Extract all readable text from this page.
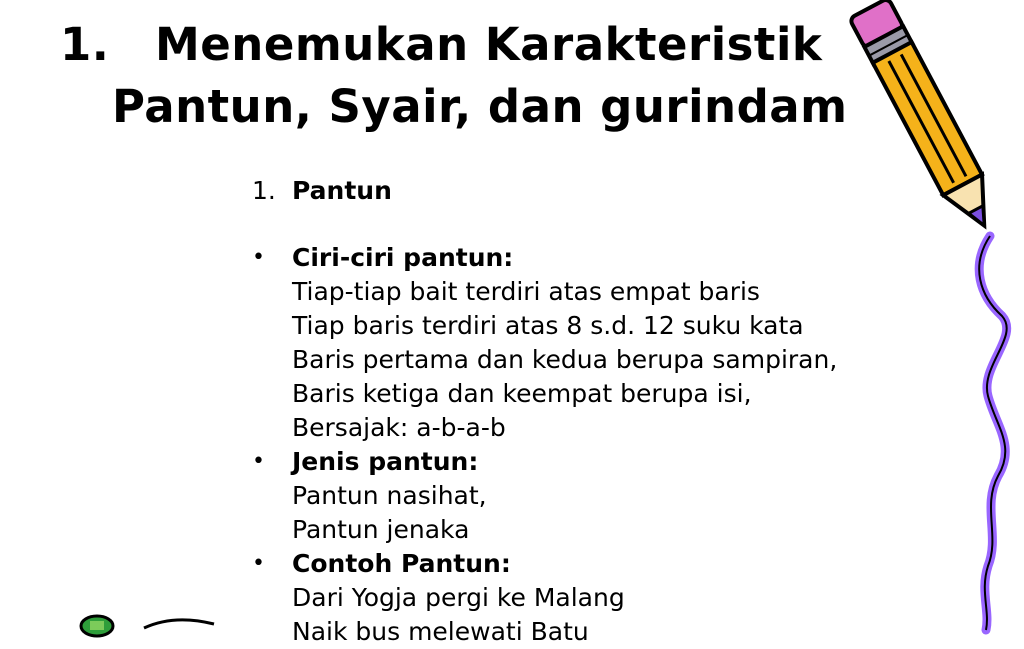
1. Menemukan Karakteristik
Pantun, Syair, dan gurindam
1. Pantun
• Ciri-ciri pantun:
Tiap-tiap bait terdiri atas empat baris
Tiap baris terdiri atas 8 s.d. 12 suku kata
Baris pertama dan kedua berupa sampiran,
Baris ketiga dan keempat berupa isi,
Bersajak: a-b-a-b
• Jenis pantun:
Pantun nasihat,
Pantun jenaka
• Contoh Pantun:
Dari Yogja pergi ke Malang
Naik bus melewati Batu
